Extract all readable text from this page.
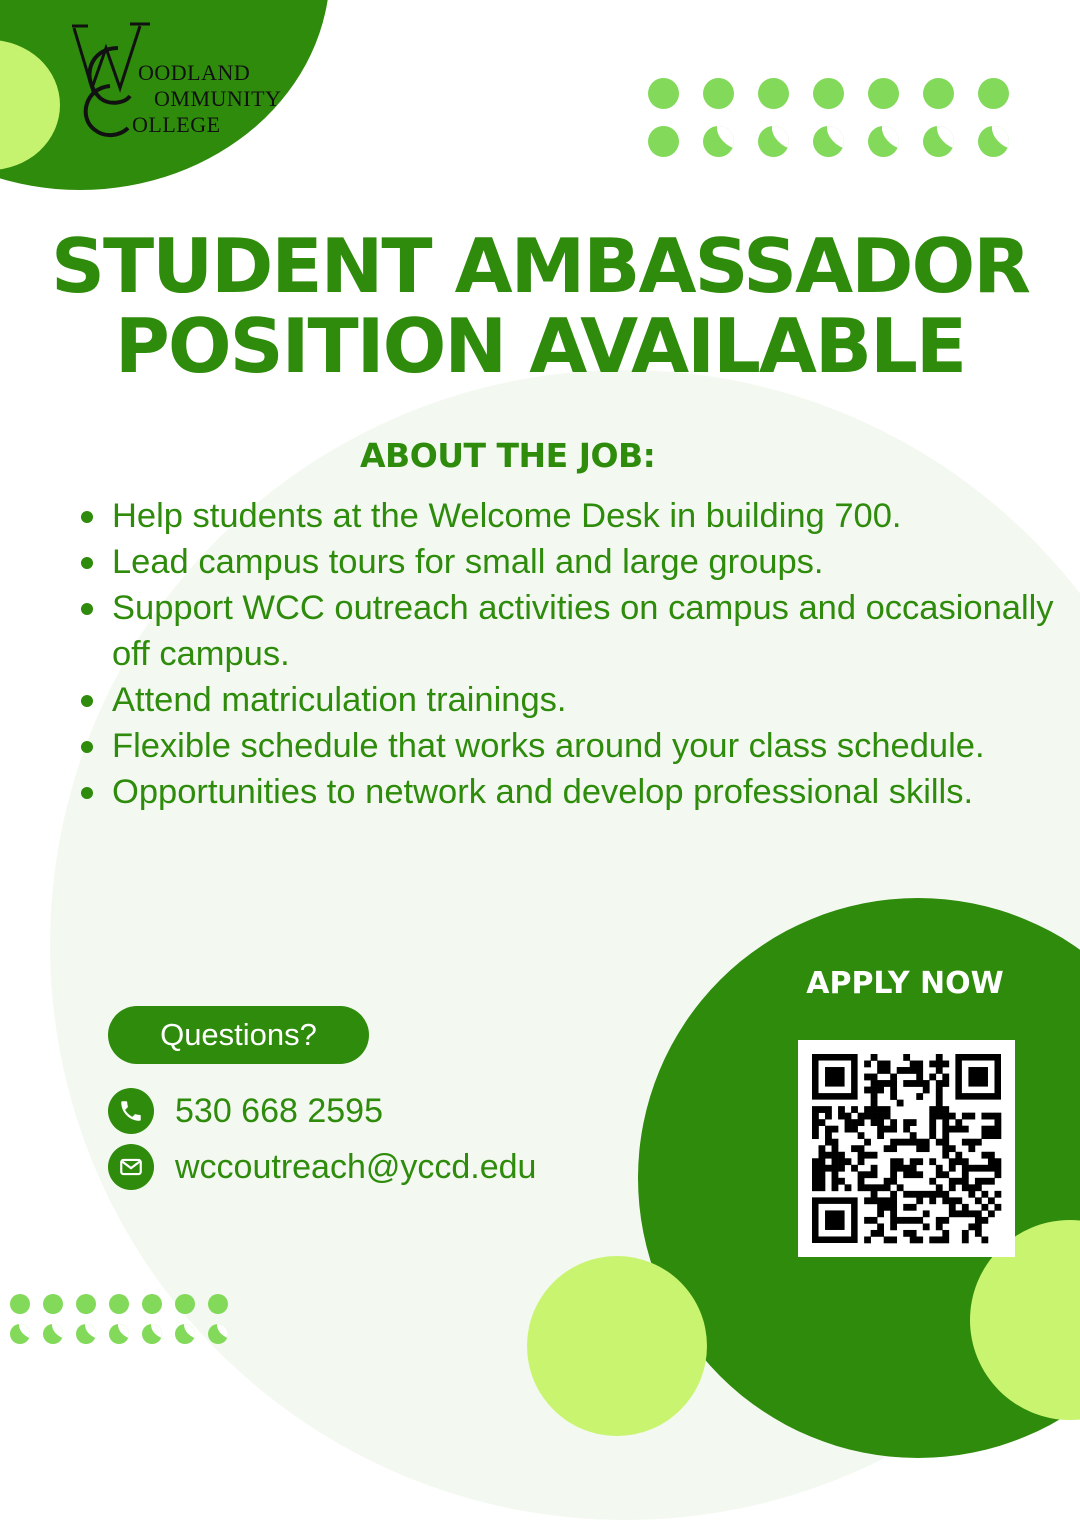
OODLAND
OMMUNITY
OLLEGE
STUDENT AMBASSADOR
POSITION AVAILABLE
ABOUT THE JOB:
Help students at the Welcome Desk in building 700.
Lead campus tours for small and large groups.
Support WCC outreach activities on campus and occasionally off campus.
Attend matriculation trainings.
Flexible schedule that works around your class schedule.
Opportunities to network and develop professional skills.
Questions?
530 668 2595
wccoutreach@yccd.edu
APPLY NOW
